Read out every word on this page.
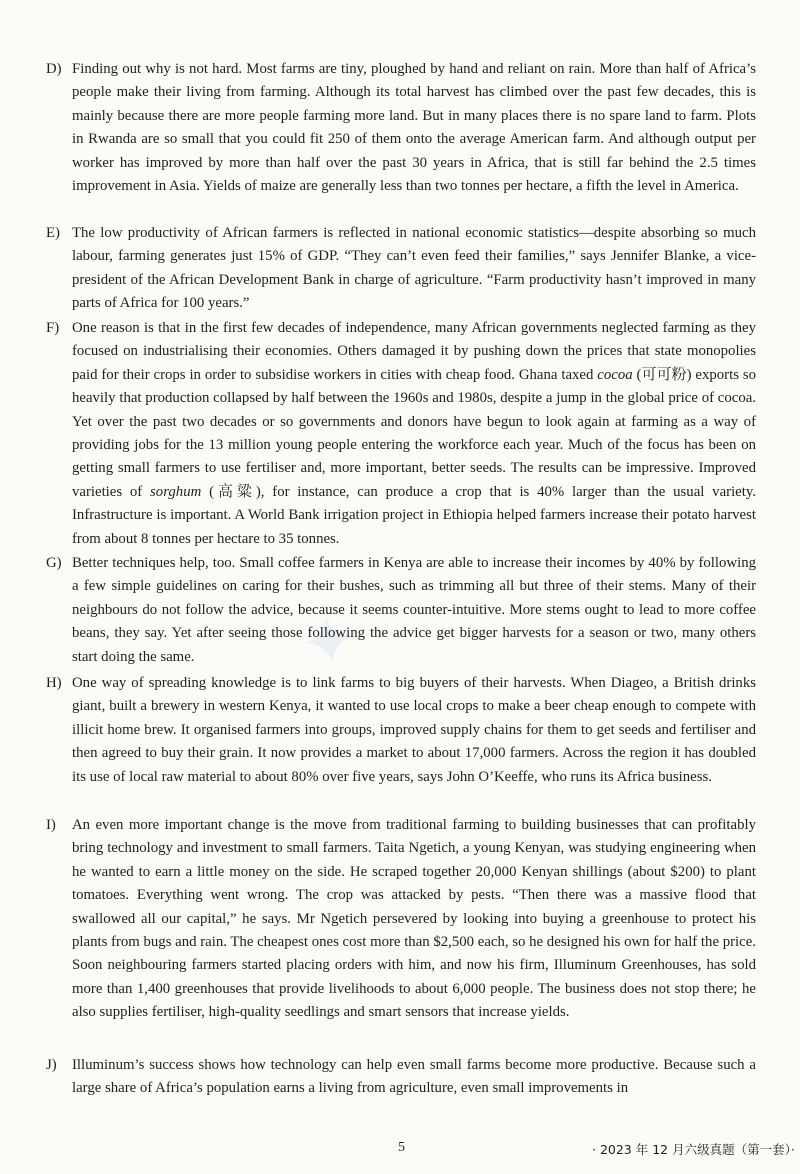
✦
D) Finding out why is not hard. Most farms are tiny, ploughed by hand and reliant on rain. More than half of Africa’s people make their living from farming. Although its total harvest has climbed over the past few decades, this is mainly because there are more people farming more land. But in many places there is no spare land to farm. Plots in Rwanda are so small that you could fit 250 of them onto the average American farm. And although output per worker has improved by more than half over the past 30 years in Africa, that is still far behind the 2.5 times improvement in Asia. Yields of maize are generally less than two tonnes per hectare, a fifth the level in America.
E) The low productivity of African farmers is reflected in national economic statistics—despite absorbing so much labour, farming generates just 15% of GDP. “They can’t even feed their families,” says Jennifer Blanke, a vice-president of the African Development Bank in charge of agriculture. “Farm productivity hasn’t improved in many parts of Africa for 100 years.”
F) One reason is that in the first few decades of independence, many African governments neglected farming as they focused on industrialising their economies. Others damaged it by pushing down the prices that state monopolies paid for their crops in order to subsidise workers in cities with cheap food. Ghana taxed cocoa (可可粉) exports so heavily that production collapsed by half between the 1960s and 1980s, despite a jump in the global price of cocoa. Yet over the past two decades or so governments and donors have begun to look again at farming as a way of providing jobs for the 13 million young people entering the workforce each year. Much of the focus has been on getting small farmers to use fertiliser and, more important, better seeds. The results can be impressive. Improved varieties of sorghum (高粱), for instance, can produce a crop that is 40% larger than the usual variety. Infrastructure is important. A World Bank irrigation project in Ethiopia helped farmers increase their potato harvest from about 8 tonnes per hectare to 35 tonnes.
G) Better techniques help, too. Small coffee farmers in Kenya are able to increase their incomes by 40% by following a few simple guidelines on caring for their bushes, such as trimming all but three of their stems. Many of their neighbours do not follow the advice, because it seems counter-intuitive. More stems ought to lead to more coffee beans, they say. Yet after seeing those following the advice get bigger harvests for a season or two, many others start doing the same.
H) One way of spreading knowledge is to link farms to big buyers of their harvests. When Diageo, a British drinks giant, built a brewery in western Kenya, it wanted to use local crops to make a beer cheap enough to compete with illicit home brew. It organised farmers into groups, improved supply chains for them to get seeds and fertiliser and then agreed to buy their grain. It now provides a market to about 17,000 farmers. Across the region it has doubled its use of local raw material to about 80% over five years, says John O’Keeffe, who runs its Africa business.
I)	An even more important change is the move from traditional farming to building businesses that can profitably bring technology and investment to small farmers. Taita Ngetich, a young Kenyan, was studying engineering when he wanted to earn a little money on the side. He scraped together 20,000 Kenyan shillings (about $200) to plant tomatoes. Everything went wrong. The crop was attacked by pests. “Then there was a massive flood that swallowed all our capital,” he says. Mr Ngetich persevered by looking into buying a greenhouse to protect his plants from bugs and rain. The cheapest ones cost more than $2,500 each, so he designed his own for half the price. Soon neighbouring farmers started placing orders with him, and now his firm, Illuminum Greenhouses, has sold more than 1,400 greenhouses that provide livelihoods to about 6,000 people. The business does not stop there; he also supplies fertiliser, high-quality seedlings and smart sensors that increase yields.
J)	Illuminum’s success shows how technology can help even small farms become more productive. Because such a large share of Africa’s population earns a living from agriculture, even small improvements in
5	· 2023 年 12 月六级真题（第一套）·
